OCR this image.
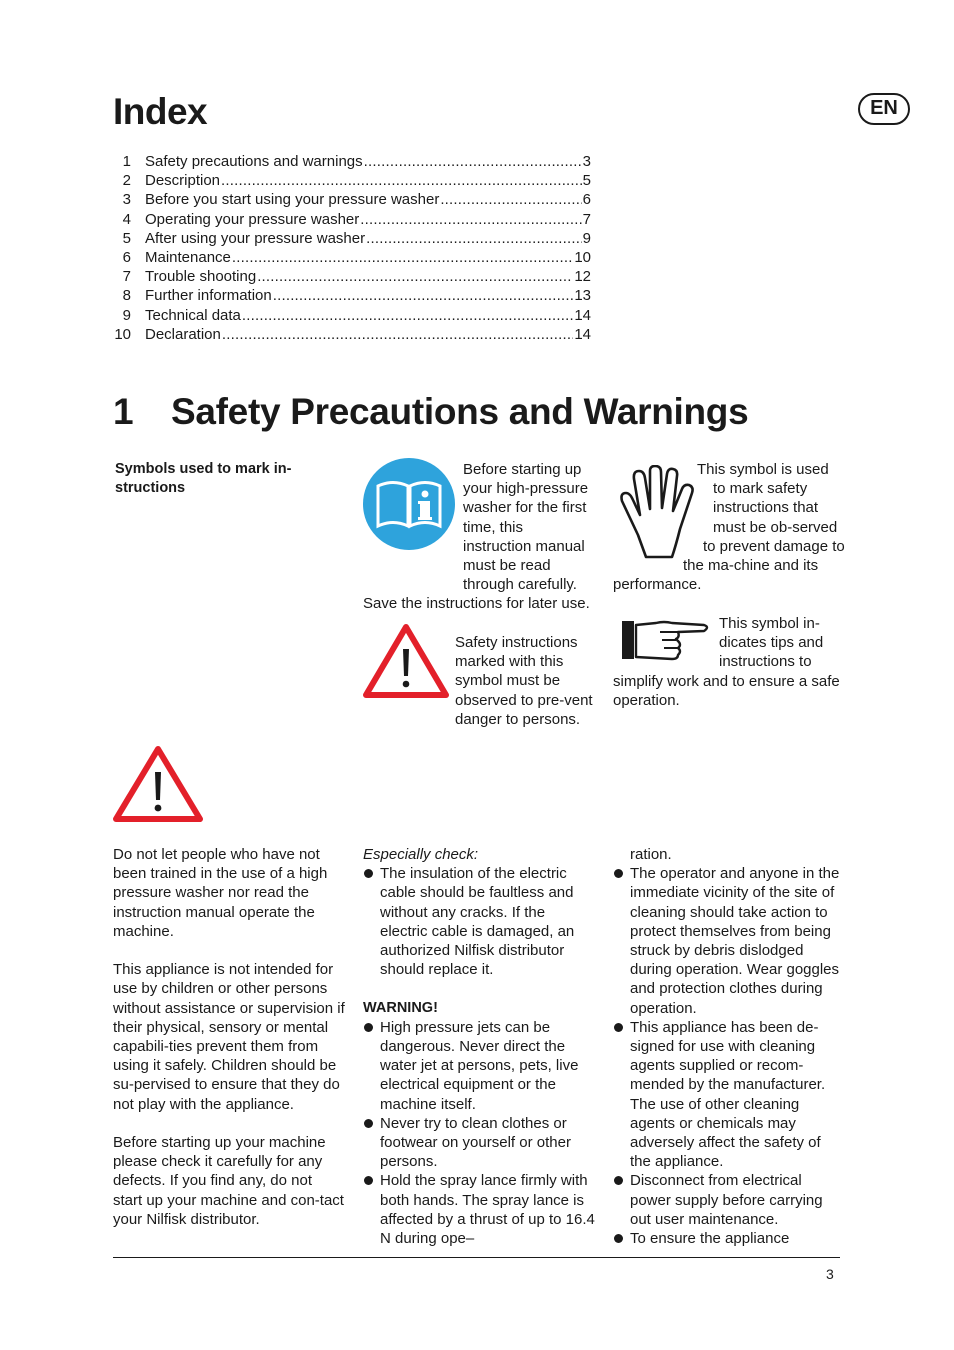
Index	EN
1 Safety precautions and warnings .....	3
2 Description .....	5
3 Before you start using your pressure washer .....	6
4 Operating your pressure washer .....	7
5 After using your pressure washer .....	9
6 Maintenance .....	10
7 Trouble shooting .....	12
8 Further information .....	13
9 Technical data .....	14
10 Declaration .....	14
1 Safety Precautions and Warnings
Symbols used to mark in-structions
Before starting up your high-pressure washer for the first time, this instruction manual must be read through carefully. Save the instructions for later use.
This symbol is used to mark safety instructions that must be ob-served to prevent damage to the ma-chine and its performance.
Safety instructions marked with this symbol must be observed to pre-vent danger to persons.
This symbol in-dicates tips and instructions to simplify work and to ensure a safe operation.

Do not let people who have not been trained in the use of a high pressure washer nor read the instruction manual operate the machine.

This appliance is not intended for use by children or other persons without assistance or supervision if their physical, sensory or mental capabili-ties prevent them from using it safely. Children should be su-pervised to ensure that they do not play with the appliance.

Before starting up your machine please check it carefully for any defects. If you find any, do not start up your machine and con-tact your Nilfisk distributor.

Especially check:

The insulation of the electric cable should be faultless and without any cracks. If the electric cable is damaged, an authorized Nilfisk distributor should replace it.

WARNING!

High pressure jets can be dangerous. Never direct the water jet at persons, pets, live electrical equipment or the machine itself.

Never try to clean clothes or footwear on yourself or other persons.

Hold the spray lance firmly with both hands. The spray lance is affected by a thrust of up to 16.4 N during ope–

ration.

The operator and anyone in the immediate vicinity of the site of cleaning should take action to protect themselves from being struck by debris dislodged during operation. Wear goggles and protection clothes during operation.

This appliance has been de-signed for use with cleaning agents supplied or recom-mended by the manufacturer. The use of other cleaning agents or chemicals may adversely affect the safety of the appliance.

Disconnect from electrical power supply before carrying out user maintenance.

To ensure the appliance

3
